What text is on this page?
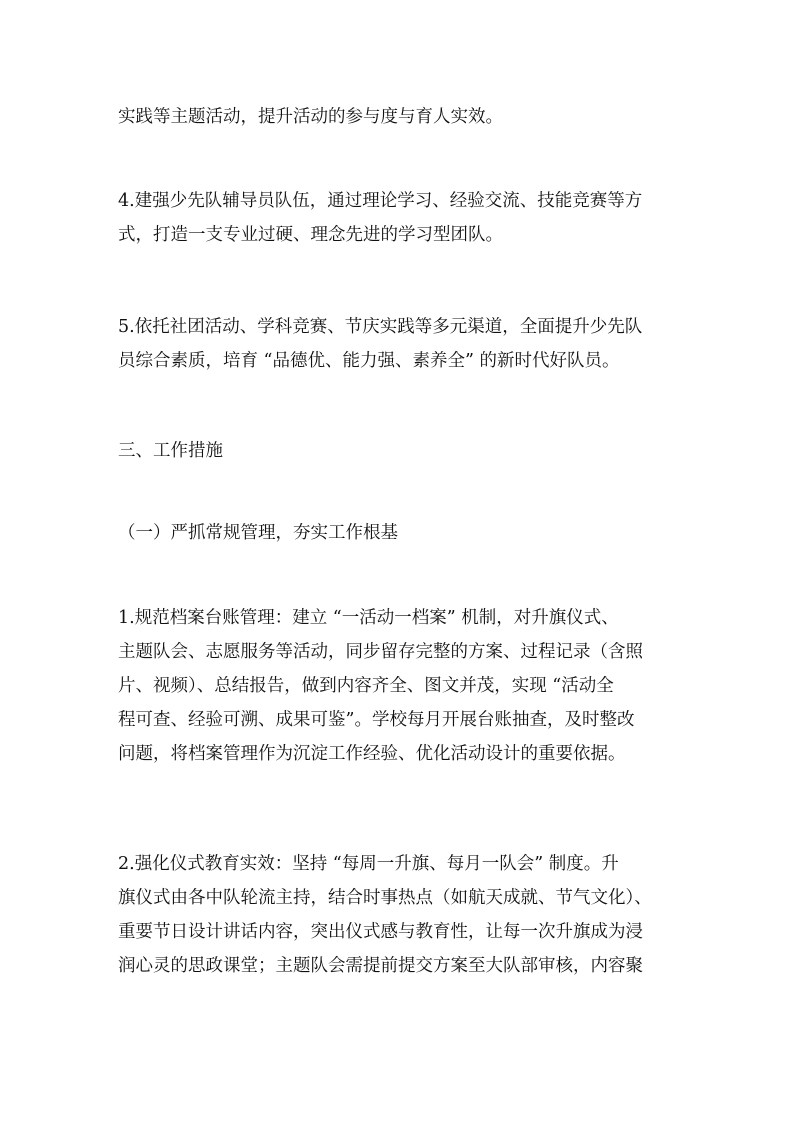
实践等主题活动，提升活动的参与度与育人实效。

4.建强少先队辅导员队伍，通过理论学习、经验交流、技能竞赛等方
式，打造一支专业过硬、理念先进的学习型团队。

5.依托社团活动、学科竞赛、节庆实践等多元渠道，全面提升少先队
员综合素质，培育 “品德优、能力强、素养全” 的新时代好队员。

三、工作措施

（一）严抓常规管理，夯实工作根基

1.规范档案台账管理：建立 “一活动一档案” 机制，对升旗仪式、
主题队会、志愿服务等活动，同步留存完整的方案、过程记录（含照
片、视频）、总结报告，做到内容齐全、图文并茂，实现 “活动全
程可查、经验可溯、成果可鉴”。学校每月开展台账抽查，及时整改
问题，将档案管理作为沉淀工作经验、优化活动设计的重要依据。

2.强化仪式教育实效：坚持 “每周一升旗、每月一队会” 制度。升
旗仪式由各中队轮流主持，结合时事热点（如航天成就、节气文化）、
重要节日设计讲话内容，突出仪式感与教育性，让每一次升旗成为浸
润心灵的思政课堂；主题队会需提前提交方案至大队部审核，内容聚
